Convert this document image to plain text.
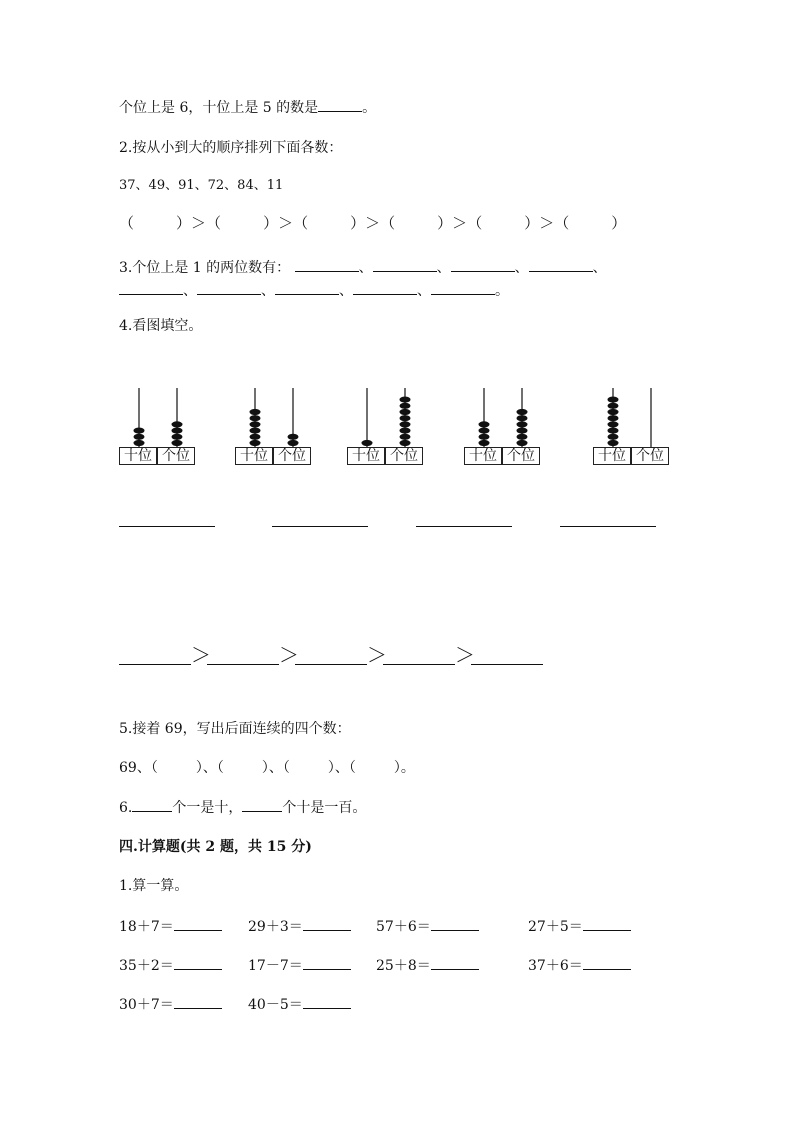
个位上是 6，十位上是 5 的数是	。
2.按从小到大的顺序排列下面各数：
37、49、91、72、84、11
（	）＞（	）＞（	）＞（	）＞（	）＞（	）
3.个位上是 1 的两位数有：	、	、	、	、
、	、	、	、	。
4.看图填空。
十位 个位	十位 个位	十位 个位	十位 个位	十位 个位
＞	＞	＞	＞
5.接着 69，写出后面连续的四个数：
69、（	）、（	）、（	）、（	）。
6.	个一是十，	个十是一百。
四.计算题(共 2 题，共 15 分)
1.算一算。
18＋7＝	29＋3＝	57＋6＝	27＋5＝
35＋2＝	17－7＝	25＋8＝	37＋6＝
30＋7＝	40－5＝
